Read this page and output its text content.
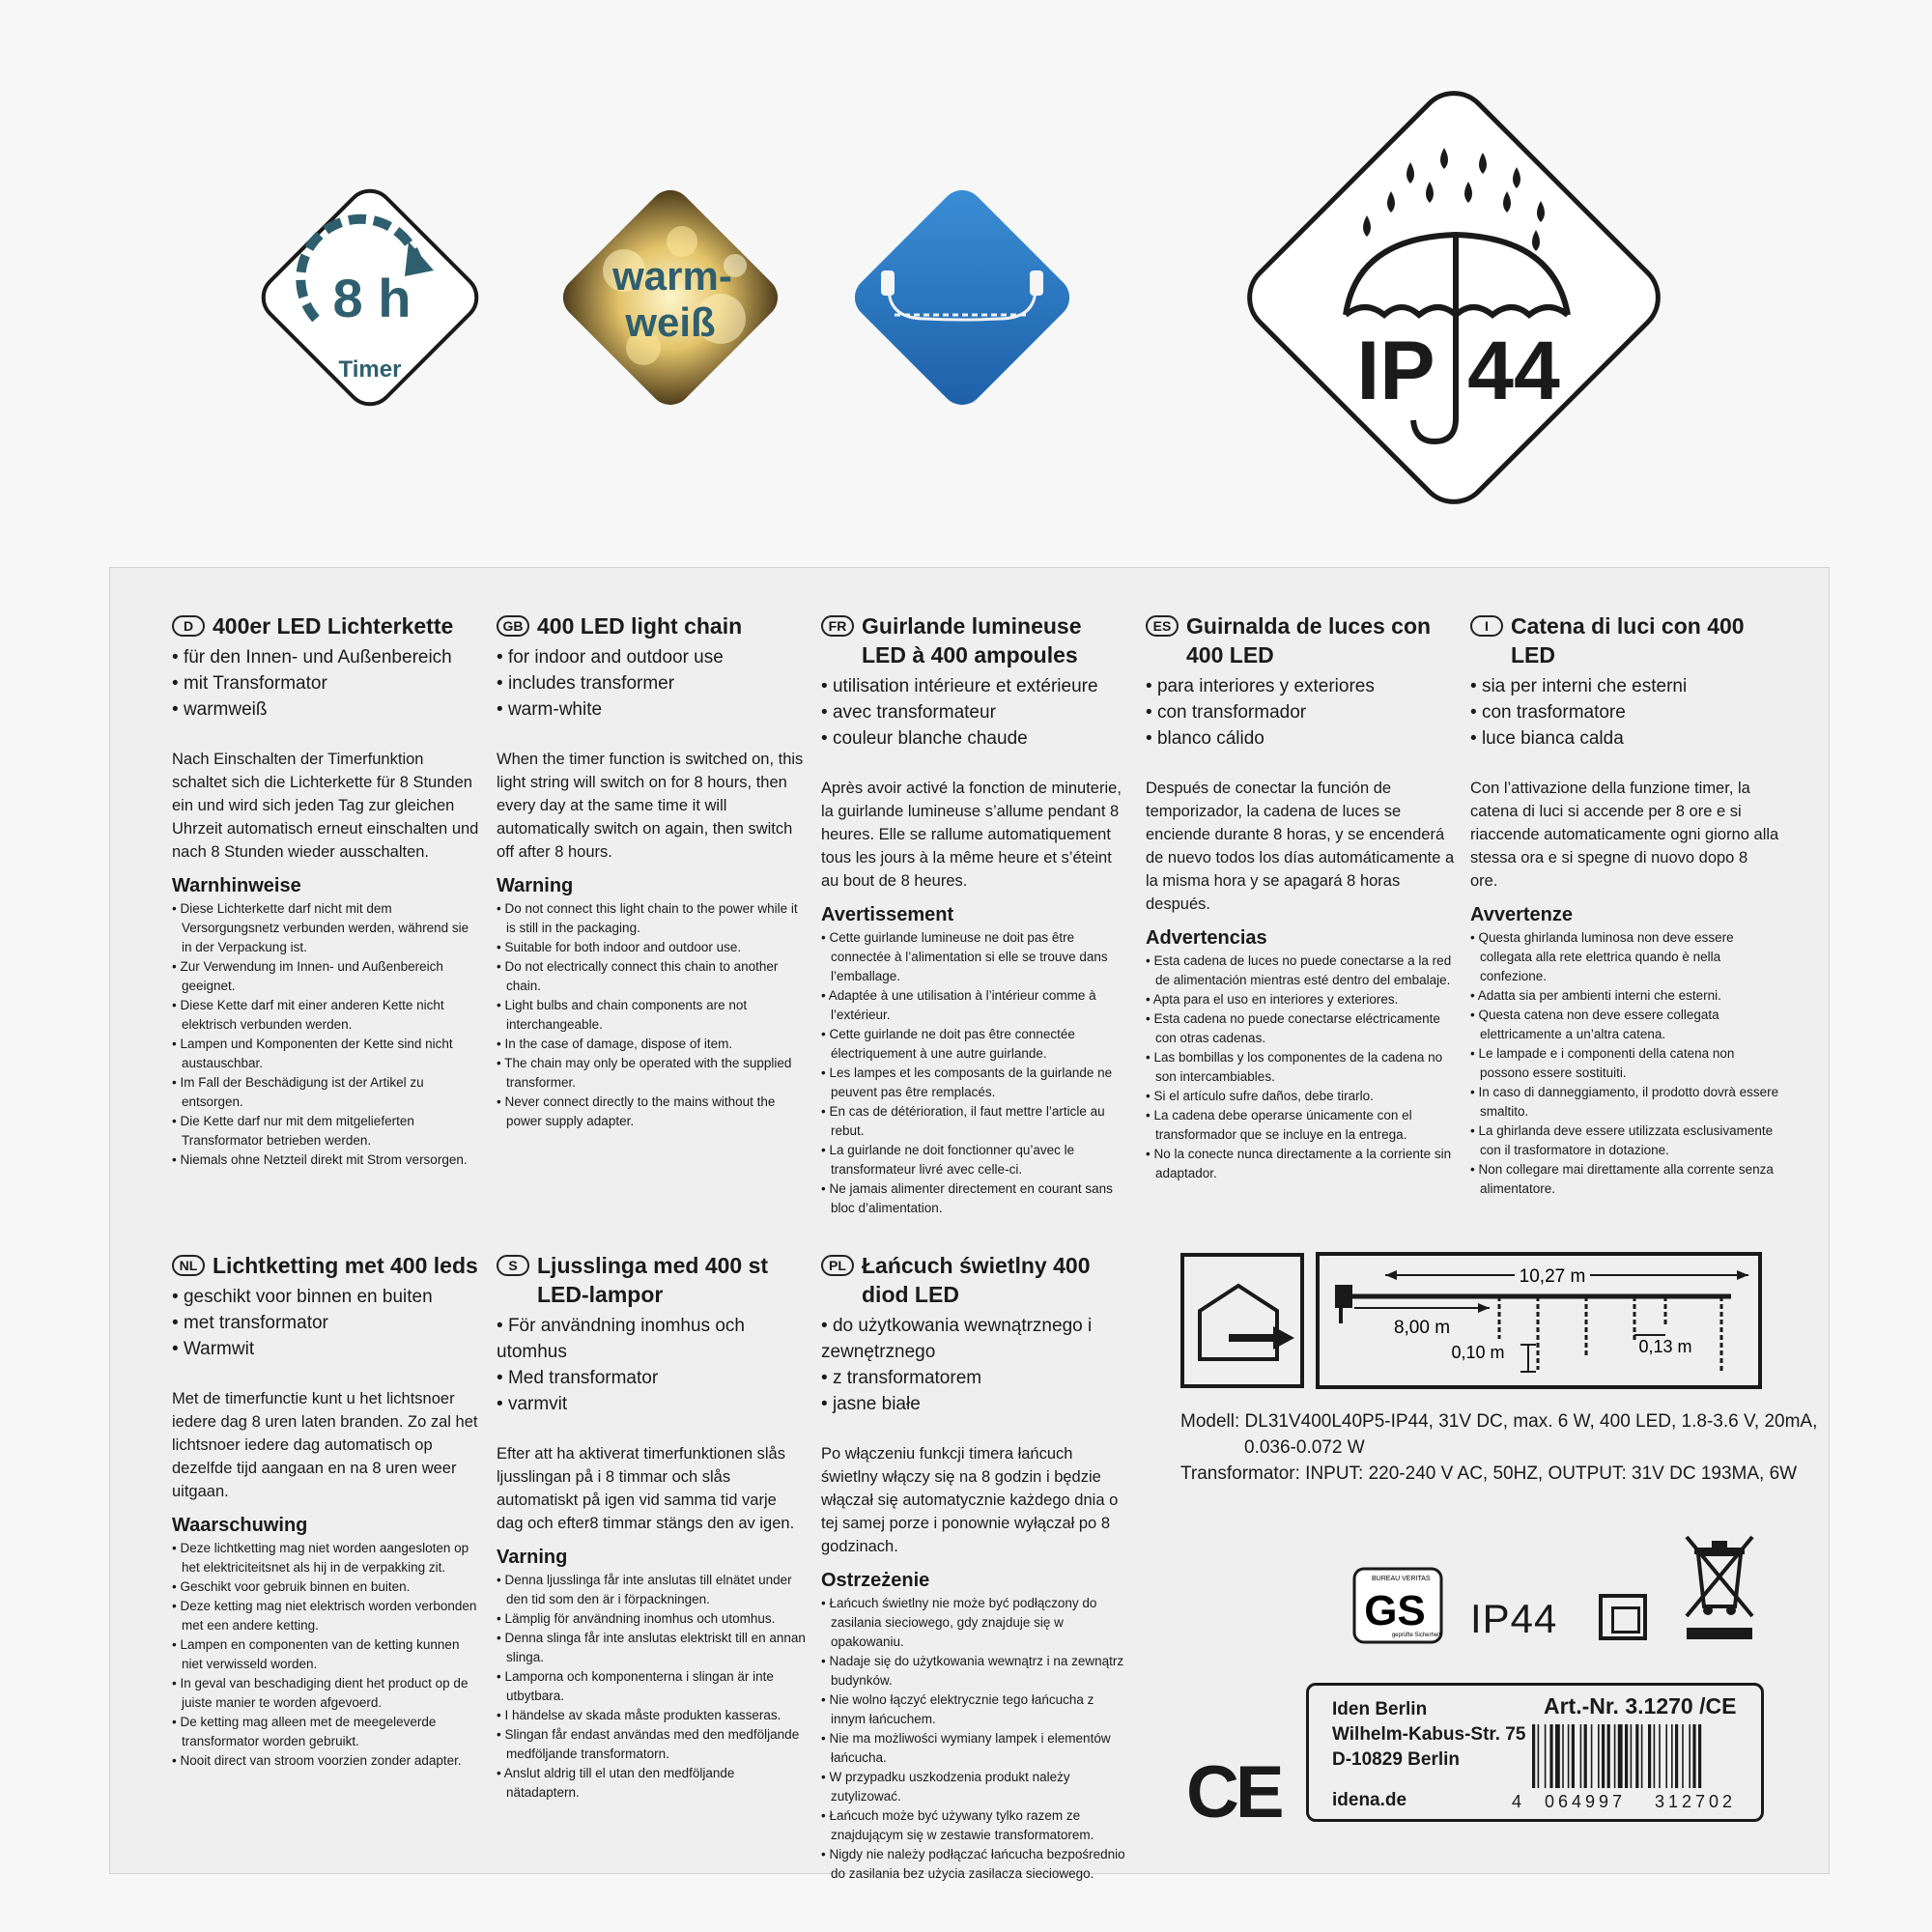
8 h
Timer
warm-
weiß
IP 44
D 400er LED Lichterkette
• für den Innen- und Außenbereich
• mit Transformator
• warmweiß

Nach Einschalten der Timerfunktion schaltet sich die Lichterkette für 8 Stunden ein und wird sich jeden Tag zur gleichen Uhrzeit automatisch erneut einschalten und nach 8 Stunden wieder ausschalten.

Warnhinweise
• Diese Lichterkette darf nicht mit dem Versorgungsnetz verbunden werden, während sie in der Verpackung ist.
• Zur Verwendung im Innen- und Außenbereich geeignet.
• Diese Kette darf mit einer anderen Kette nicht elektrisch verbunden werden.
• Lampen und Komponenten der Kette sind nicht austauschbar.
• Im Fall der Beschädigung ist der Artikel zu entsorgen.
• Die Kette darf nur mit dem mitgelieferten Transformator betrieben werden.
• Niemals ohne Netzteil direkt mit Strom versorgen.
GB 400 LED light chain
• for indoor and outdoor use
• includes transformer
• warm-white

When the timer function is switched on, this light string will switch on for 8 hours, then every day at the same time it will automatically switch on again, then switch off after 8 hours.

Warning
• Do not connect this light chain to the power while it is still in the packaging.
• Suitable for both indoor and outdoor use.
• Do not electrically connect this chain to another chain.
• Light bulbs and chain components are not interchangeable.
• In the case of damage, dispose of item.
• The chain may only be operated with the supplied transformer.
• Never connect directly to the mains without the power supply adapter.
FR Guirlande lumineuse LED à 400 ampoules
• utilisation intérieure et extérieure
• avec transformateur
• couleur blanche chaude

Après avoir activé la fonction de minuterie, la guirlande lumineuse s’allume pendant 8 heures. Elle se rallume automatiquement tous les jours à la même heure et s’éteint au bout de 8 heures.

Avertissement
• Cette guirlande lumineuse ne doit pas être connectée à l’alimentation si elle se trouve dans l’emballage.
• Adaptée à une utilisation à l’intérieur comme à l’extérieur.
• Cette guirlande ne doit pas être connectée électriquement à une autre guirlande.
• Les lampes et les composants de la guirlande ne peuvent pas être remplacés.
• En cas de détérioration, il faut mettre l’article au rebut.
• La guirlande ne doit fonctionner qu’avec le transformateur livré avec celle-ci.
• Ne jamais alimenter directement en courant sans bloc d’alimentation.
ES Guirnalda de luces con 400 LED
• para interiores y exteriores
• con transformador
• blanco cálido

Después de conectar la función de temporizador, la cadena de luces se enciende durante 8 horas, y se encenderá de nuevo todos los días automáticamente a la misma hora y se apagará 8 horas después.

Advertencias
• Esta cadena de luces no puede conectarse a la red de alimentación mientras esté dentro del embalaje.
• Apta para el uso en interiores y exteriores.
• Esta cadena no puede conectarse eléctricamente con otras cadenas.
• Las bombillas y los componentes de la cadena no son intercambiables.
• Si el artículo sufre daños, debe tirarlo.
• La cadena debe operarse únicamente con el transformador que se incluye en la entrega.
• No la conecte nunca directamente a la corriente sin adaptador.
I	Catena di luci con 400 LED
• sia per interni che esterni
• con trasformatore
• luce bianca calda

Con l’attivazione della funzione timer, la catena di luci si accende per 8 ore e si riaccende automaticamente ogni giorno alla stessa ora e si spegne di nuovo dopo 8 ore.

Avvertenze
• Questa ghirlanda luminosa non deve essere collegata alla rete elettrica quando è nella confezione.
• Adatta sia per ambienti interni che esterni.
• Questa catena non deve essere collegata elettricamente a un’altra catena.
• Le lampade e i componenti della catena non possono essere sostituiti.
• In caso di danneggiamento, il prodotto dovrà essere smaltito.
• La ghirlanda deve essere utilizzata esclusivamente con il trasformatore in dotazione.
• Non collegare mai direttamente alla corrente senza alimentatore.
NL Lichtketting met 400 leds
• geschikt voor binnen en buiten
• met transformator
• Warmwit

Met de timerfunctie kunt u het lichtsnoer iedere dag 8 uren laten branden. Zo zal het lichtsnoer iedere dag automatisch op dezelfde tijd aangaan en na 8 uren weer uitgaan.

Waarschuwing
• Deze lichtketting mag niet worden aangesloten op het elektriciteitsnet als hij in de verpakking zit.
• Geschikt voor gebruik binnen en buiten.
• Deze ketting mag niet elektrisch worden verbonden met een andere ketting.
• Lampen en componenten van de ketting kunnen niet verwisseld worden.
• In geval van beschadiging dient het product op de juiste manier te worden afgevoerd.
• De ketting mag alleen met de meegeleverde transformator worden gebruikt.
• Nooit direct van stroom voorzien zonder adapter.
S Ljusslinga med 400 st LED-lampor
• För användning inomhus och utomhus
• Med transformator
• varmvit

Efter att ha aktiverat timerfunktionen slås ljusslingan på i 8 timmar och slås automatiskt på igen vid samma tid varje dag och efter8 timmar stängs den av igen.

Varning
• Denna ljusslinga får inte anslutas till elnätet under den tid som den är i förpackningen.
• Lämplig för användning inomhus och utomhus.
• Denna slinga får inte anslutas elektriskt till en annan slinga.
• Lamporna och komponenterna i slingan är inte utbytbara.
• I händelse av skada måste produkten kasseras.
• Slingan får endast användas med den medföljande medföljande transformatorn.
• Anslut aldrig till el utan den medföljande nätadaptern.
PL Łańcuch świetlny 400 diod LED
• do użytkowania wewnątrznego i zewnętrznego
• z transformatorem
• jasne białe

Po włączeniu funkcji timera łańcuch świetlny włączy się na 8 godzin i będzie włączał się automatycznie każdego dnia o tej samej porze i ponownie wyłączał po 8 godzinach.

Ostrzeżenie
• Łańcuch świetlny nie może być podłączony do zasilania sieciowego, gdy znajduje się w opakowaniu.
• Nadaje się do użytkowania wewnątrz i na zewnątrz budynków.
• Nie wolno łączyć elektrycznie tego łańcucha z innym łańcuchem.
• Nie ma możliwości wymiany lampek i elementów łańcucha.
• W przypadku uszkodzenia produkt należy zutylizować.
• Łańcuch może być używany tylko razem ze znajdującym się w zestawie transformatorem.
• Nigdy nie należy podłączać łańcucha bezpośrednio do zasilania bez użycia zasilacza sieciowego.
10,27 m
8,00 m
0,10 m	0,13 m
Modell: DL31V400L40P5-IP44, 31V DC, max. 6 W, 400 LED, 1.8-3.6 V, 20mA,
0.036-0.072 W
Transformator: INPUT: 220-240 V AC, 50HZ, OUTPUT: 31V DC 193MA, 6W
BUREAU VERITAS
GS
geprüfte Sicherheit IP44
CE
Iden Berlin
Wilhelm-Kabus-Str. 75
D-10829 Berlin
idena.de
Art.-Nr. 3.1270 /CE
4 064997 312702
